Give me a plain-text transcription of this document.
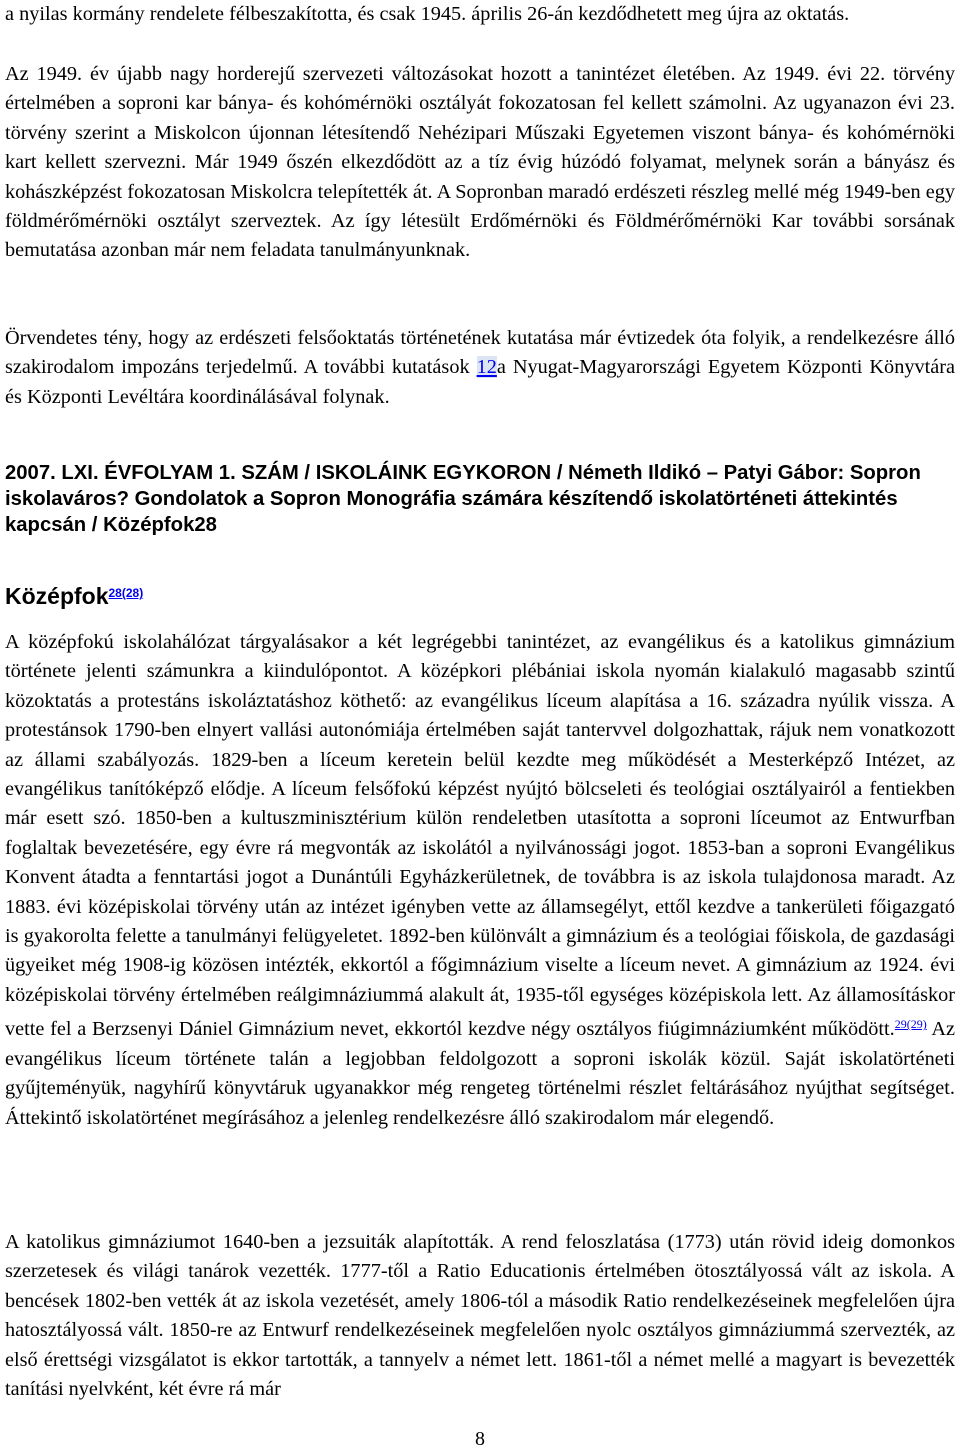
a nyilas kormány rendelete félbeszakította, és csak 1945. április 26-án kezdődhetett meg újra az oktatás.

Az 1949. év újabb nagy horderejű szervezeti változásokat hozott a tanintézet életében. Az 1949. évi 22. törvény értelmében a soproni kar bánya- és kohómérnöki osztályát fokozatosan fel kellett számolni. Az ugyanazon évi 23. törvény szerint a Miskolcon újonnan létesítendő Nehézipari Műszaki Egyetemen viszont bánya- és kohómérnöki kart kellett szervezni. Már 1949 őszén elkezdődött az a tíz évig húzódó folyamat, melynek során a bányász és kohászképzést fokozatosan Miskolcra telepítették át. A Sopronban maradó erdészeti részleg mellé még 1949-ben egy földmérőmérnöki osztályt szerveztek. Az így létesült Erdőmérnöki és Földmérőmérnöki Kar további sorsának bemutatása azonban már nem feladata tanulmányunknak.

Örvendetes tény, hogy az erdészeti felsőoktatás történetének kutatása már évtizedek óta folyik, a rendelkezésre álló szakirodalom impozáns terjedelmű. A további kutatások 12a Nyugat-Magyarországi Egyetem Központi Könyvtára és Központi Levéltára koordinálásával folynak.

2007. LXI. ÉVFOLYAM 1. SZÁM / ISKOLÁINK EGYKORON / Németh Ildikó – Patyi Gábor: Sopron iskolaváros? Gondolatok a Sopron Monográfia számára készítendő iskolatörténeti áttekintés kapcsán / Középfok28

Középfok$^{28(28)}$

A középfokú iskolahálózat tárgyalásakor a két legrégebbi tanintézet, az evangélikus és a katolikus gimnázium története jelenti számunkra a kiindulópontot. A középkori plébániai iskola nyomán kialakuló magasabb szintű közoktatás a protestáns iskoláztatáshoz köthető: az evangélikus líceum alapítása a 16. századra nyúlik vissza. A protestánsok 1790-ben elnyert vallási autonómiája értelmében saját tantervvel dolgozhattak, rájuk nem vonatkozott az állami szabályozás. 1829-ben a líceum keretein belül kezdte meg működését a Mesterképző Intézet, az evangélikus tanítóképző elődje. A líceum felsőfokú képzést nyújtó bölcseleti és teológiai osztályairól a fentiekben már esett szó. 1850-ben a kultuszminisztérium külön rendeletben utasította a soproni líceumot az Entwurfban foglaltak bevezetésére, egy évre rá megvonták az iskolától a nyilvánossági jogot. 1853-ban a soproni Evangélikus Konvent átadta a fenntartási jogot a Dunántúli Egyházkerületnek, de továbbra is az iskola tulajdonosa maradt. Az 1883. évi középiskolai törvény után az intézet igényben vette az államsegélyt, ettől kezdve a tankerületi főigazgató is gyakorolta felette a tanulmányi felügyeletet. 1892-ben különvált a gimnázium és a teológiai főiskola, de gazdasági ügyeiket még 1908-ig közösen intézték, ekkortól a főgimnázium viselte a líceum nevet. A gimnázium az 1924. évi középiskolai törvény értelmében reálgimnáziummá alakult át, 1935-től egységes középiskola lett. Az államosításkor vette fel a Berzsenyi Dániel Gimnázium nevet, ekkortól kezdve négy osztályos fiúgimnáziumként működött.$^{29(29)}$ Az evangélikus líceum története talán a legjobban feldolgozott a soproni iskolák közül. Saját iskolatörténeti gyűjteményük, nagyhírű könyvtáruk ugyanakkor még rengeteg történelmi részlet feltárásához nyújthat segítséget. Áttekintő iskolatörténet megírásához a jelenleg rendelkezésre álló szakirodalom már elegendő.

A katolikus gimnáziumot 1640-ben a jezsuiták alapították. A rend feloszlatása (1773) után rövid ideig domonkos szerzetesek és világi tanárok vezették. 1777-től a Ratio Educationis értelmében ötosztályossá vált az iskola. A bencések 1802-ben vették át az iskola vezetését, amely 1806-tól a második Ratio rendelkezéseinek megfelelően újra hatosztályossá vált. 1850-re az Entwurf rendelkezéseinek megfelelően nyolc osztályos gimnáziummá szervezték, az első érettségi vizsgálatot is ekkor tartották, a tannyelv a német lett. 1861-től a német mellé a magyart is bevezették tanítási nyelvként, két évre rá már

8
